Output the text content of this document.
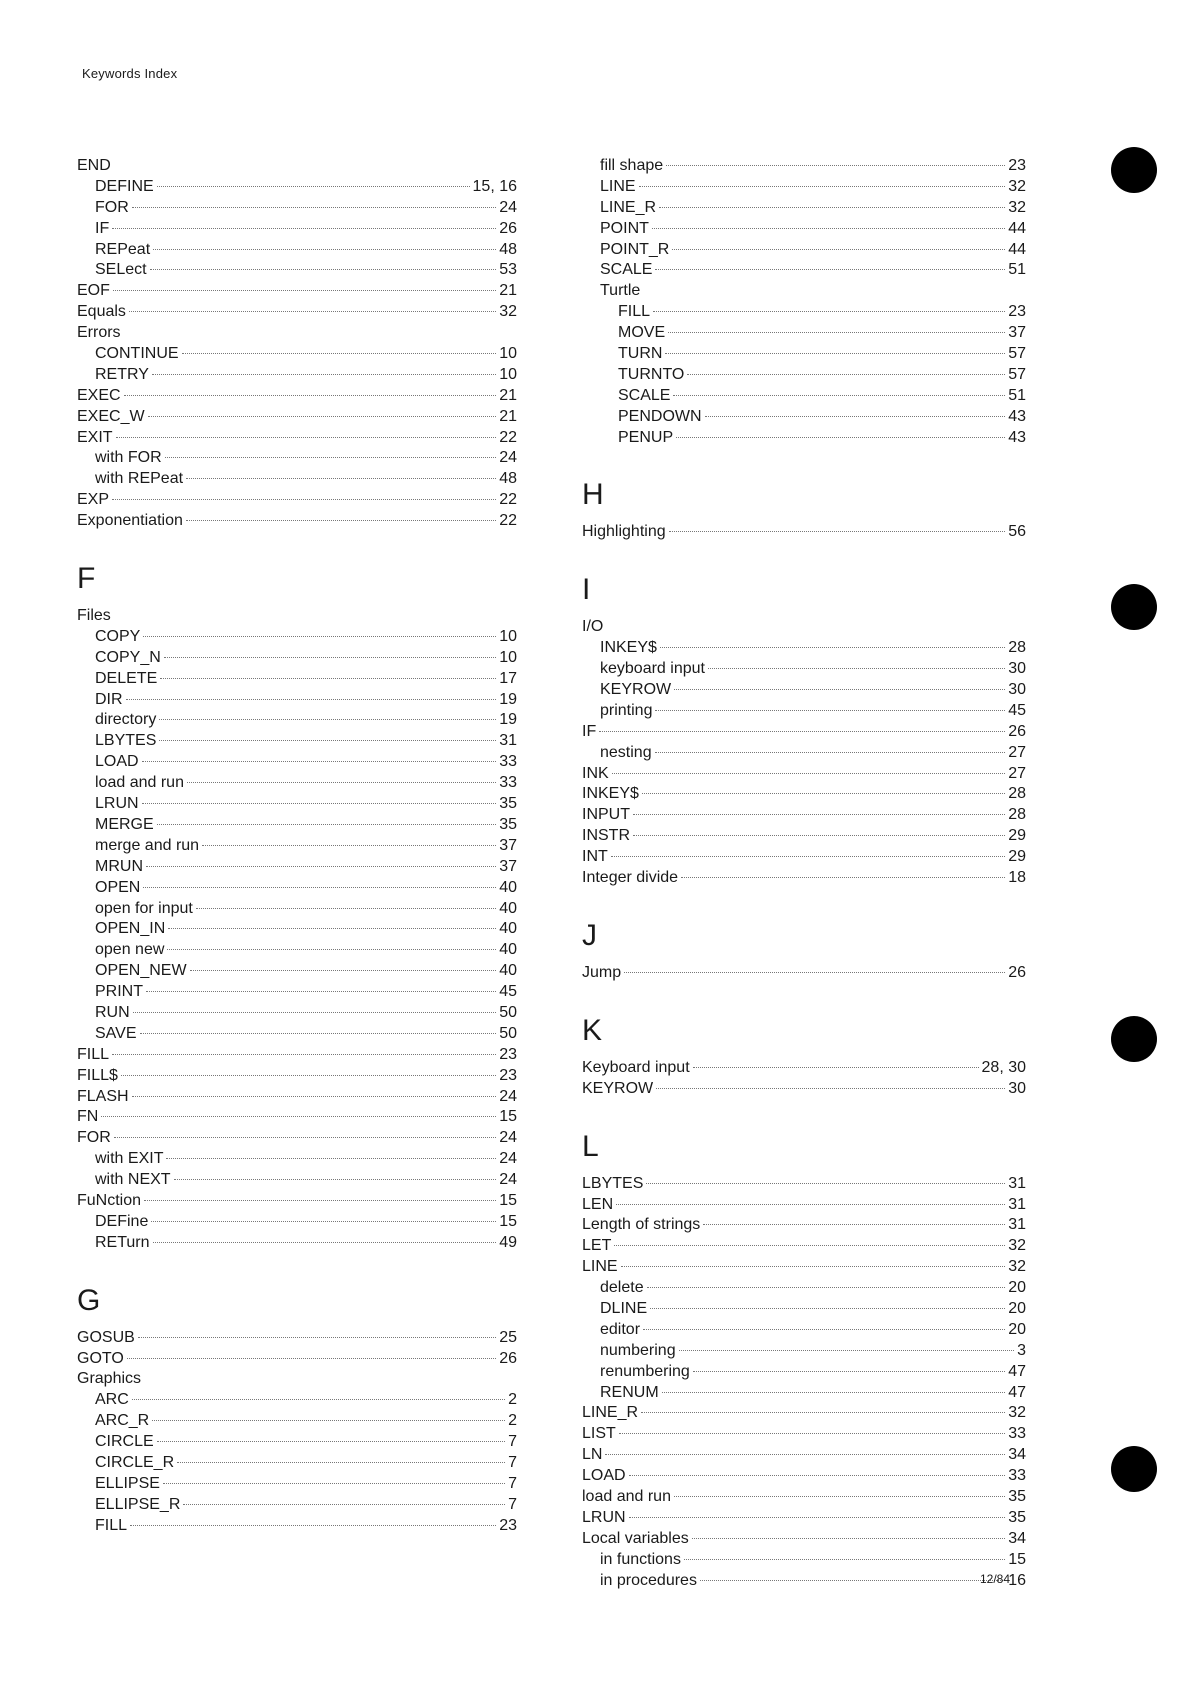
Keywords Index
END
DEFINE	15, 16
FOR	24
IF	26
REPeat	48
SELect	53
EOF	21
Equals	32
Errors
CONTINUE	10
RETRY	10
EXEC	21
EXEC_W	21
EXIT	22
with FOR	24
with REPeat	48
EXP	22
Exponentiation	22
F
Files
COPY	10
COPY_N	10
DELETE	17
DIR	19
directory	19
LBYTES	31
LOAD	33
load and run	33
LRUN	35
MERGE	35
merge and run	37
MRUN	37
OPEN	40
open for input	40
OPEN_IN	40
open new	40
OPEN_NEW	40
PRINT	45
RUN	50
SAVE	50
FILL	23
FILL$	23
FLASH	24
FN	15
FOR	24
with EXIT	24
with NEXT	24
FuNction	15
DEFine	15
RETurn	49
G
GOSUB	25
GOTO	26
Graphics
ARC	2
ARC_R	2
CIRCLE	7
CIRCLE_R	7
ELLIPSE	7
ELLIPSE_R	7
FILL	23
fill shape	23
LINE	32
LINE_R	32
POINT	44
POINT_R	44
SCALE	51
Turtle
FILL	23
MOVE	37
TURN	57
TURNTO	57
SCALE	51
PENDOWN	43
PENUP	43
H
Highlighting	56
I
I/O
INKEY$	28
keyboard input	30
KEYROW	30
printing	45
IF	26
nesting	27
INK	27
INKEY$	28
INPUT	28
INSTR	29
INT	29
Integer divide	18
J
Jump	26
K
Keyboard input	28, 30
KEYROW	30
L
LBYTES	31
LEN	31
Length of strings	31
LET	32
LINE	32
delete	20
DLINE	20
editor	20
numbering	3
renumbering	47
RENUM	47
LINE_R	32
LIST	33
LN	34
LOAD	33
load and run	35
LRUN	35
Local variables	34
in functions	15
in procedures	16
12/84
